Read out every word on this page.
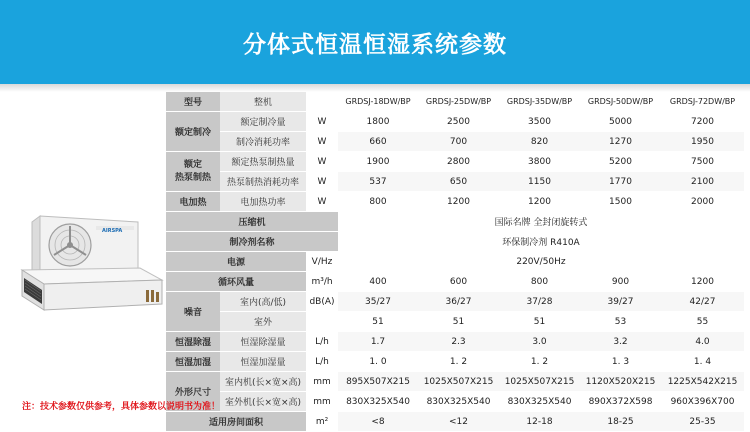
分体式恒温恒湿系统参数
AIRSPA
型号	整机		GRDSJ-18DW/BP	GRDSJ-25DW/BP	GRDSJ-35DW/BP	GRDSJ-50DW/BP	GRDSJ-72DW/BP
额定制冷	额定制冷量	W	1800	2500	3500	5000	7200
	制冷消耗功率	W	660	700	820	1270	1950
额定
热泵制热	额定热泵制热量	W	1900	2800	3800	5200	7500
	热泵制热消耗功率	W	537	650	1150	1770	2100
电加热	电加热功率	W	800	1200	1200	1500	2000
压缩机			国际名牌 全封闭旋转式				
制冷剂名称			环保制冷剂 R410A				
电源		V/Hz	220V/50Hz				
循环风量		m³/h	400	600	800	900	1200
噪音	室内(高/低)	dB(A)	35/27	36/27	37/28	39/27	42/27
	室外		51	51	51	53	55
恒湿除湿	恒湿除湿量	L/h	1.7	2.3	3.0	3.2	4.0
恒湿加湿	恒湿加湿量	L/h	1. 0	1. 2	1. 2	1. 3	1. 4
外形尺寸	室内机(长×宽×高)	mm	895X507X215	1025X507X215	1025X507X215	1120X520X215	1225X542X215
	室外机(长×宽×高)	mm	830X325X540	830X325X540	830X325X540	890X372X598	960X396X700
适用房间面积		m²	<8	<12	12-18	18-25	25-35
注：技术参数仅供参考，具体参数以说明书为准！
